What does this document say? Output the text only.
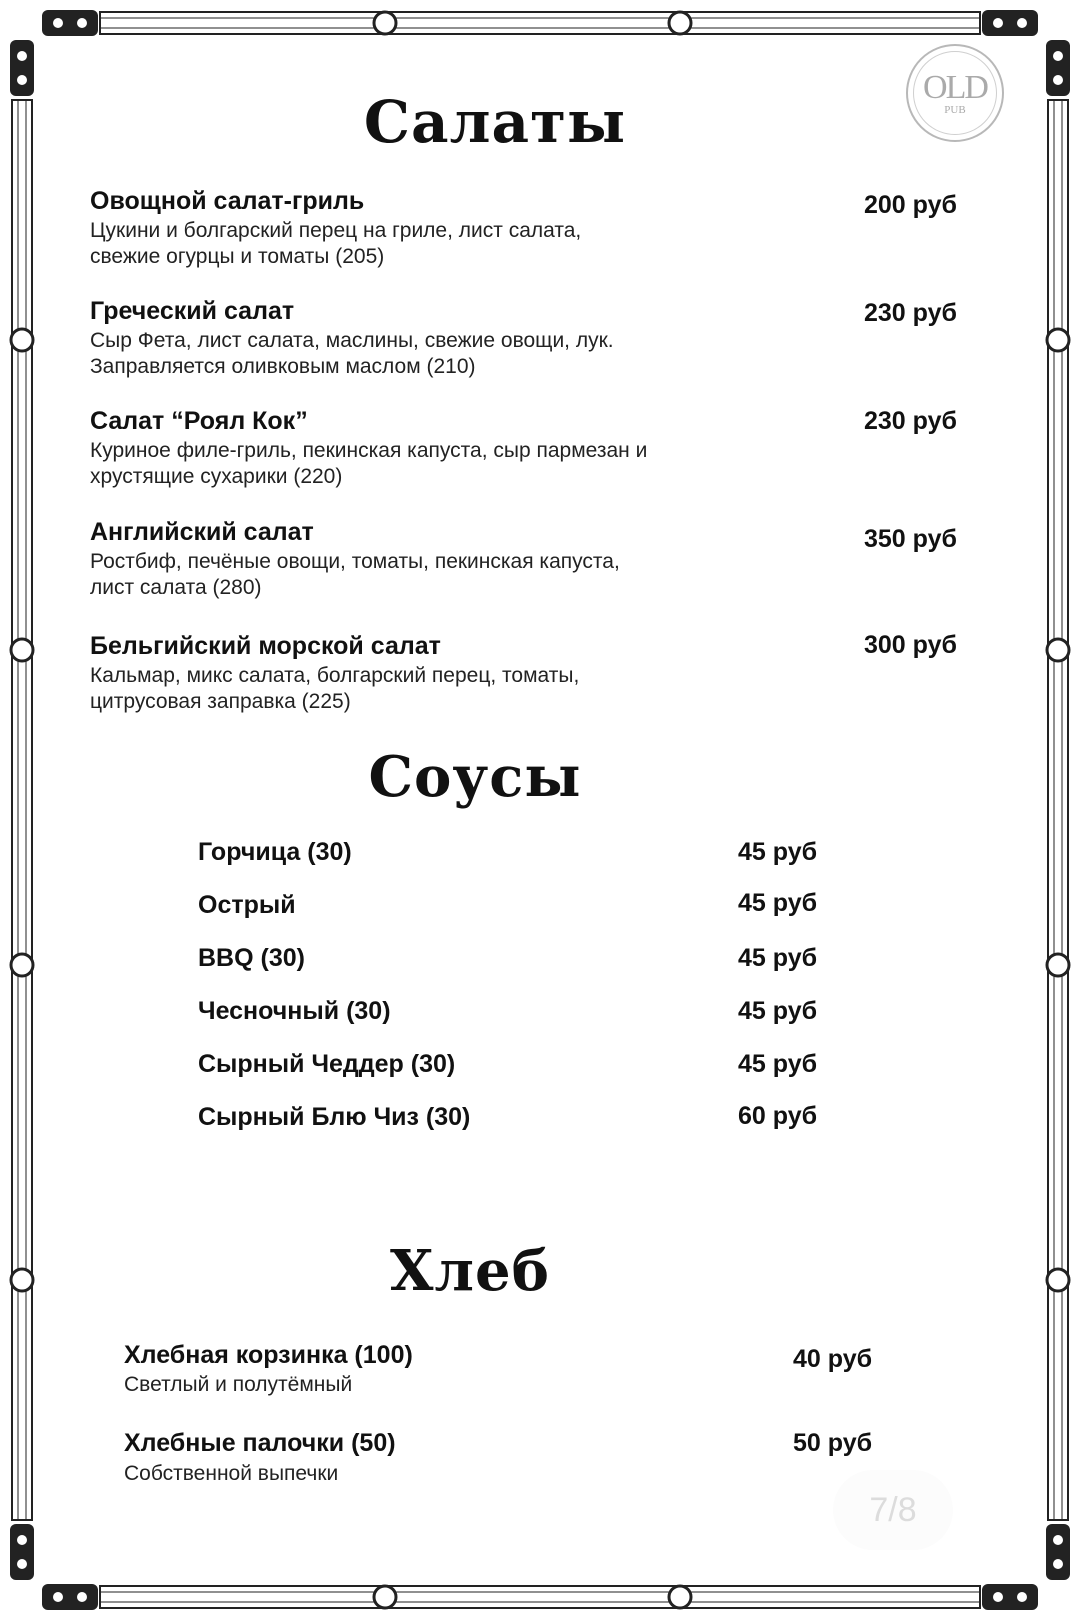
OLD
PUB
Салаты
Овощной салат-гриль
Цукини и болгарский перец на гриле, лист салата,
свежие огурцы и томаты (205)
200 руб
Греческий салат
Сыр Фета, лист салата, маслины, свежие овощи, лук.
Заправляется оливковым маслом (210)
230 руб
Салат “Роял Кок”
Куриное филе-гриль, пекинская капуста, сыр пармезан и
хрустящие сухарики (220)
230 руб
Английский салат
Ростбиф, печёные овощи, томаты, пекинская капуста,
лист салата (280)
350 руб
Бельгийский морской салат
Кальмар, микс салата, болгарский перец, томаты,
цитрусовая заправка (225)
300 руб
Соусы
Горчица (30)	45 руб
Острый	45 руб
BBQ (30)	45 руб
Чесночный (30)	45 руб
Сырный Чеддер (30)	45 руб
Сырный Блю Чиз (30)	60 руб
Хлеб
Хлебная корзинка (100)
Светлый и полутёмный
40 руб
Хлебные палочки (50)
Собственной выпечки
50 руб
7/8
